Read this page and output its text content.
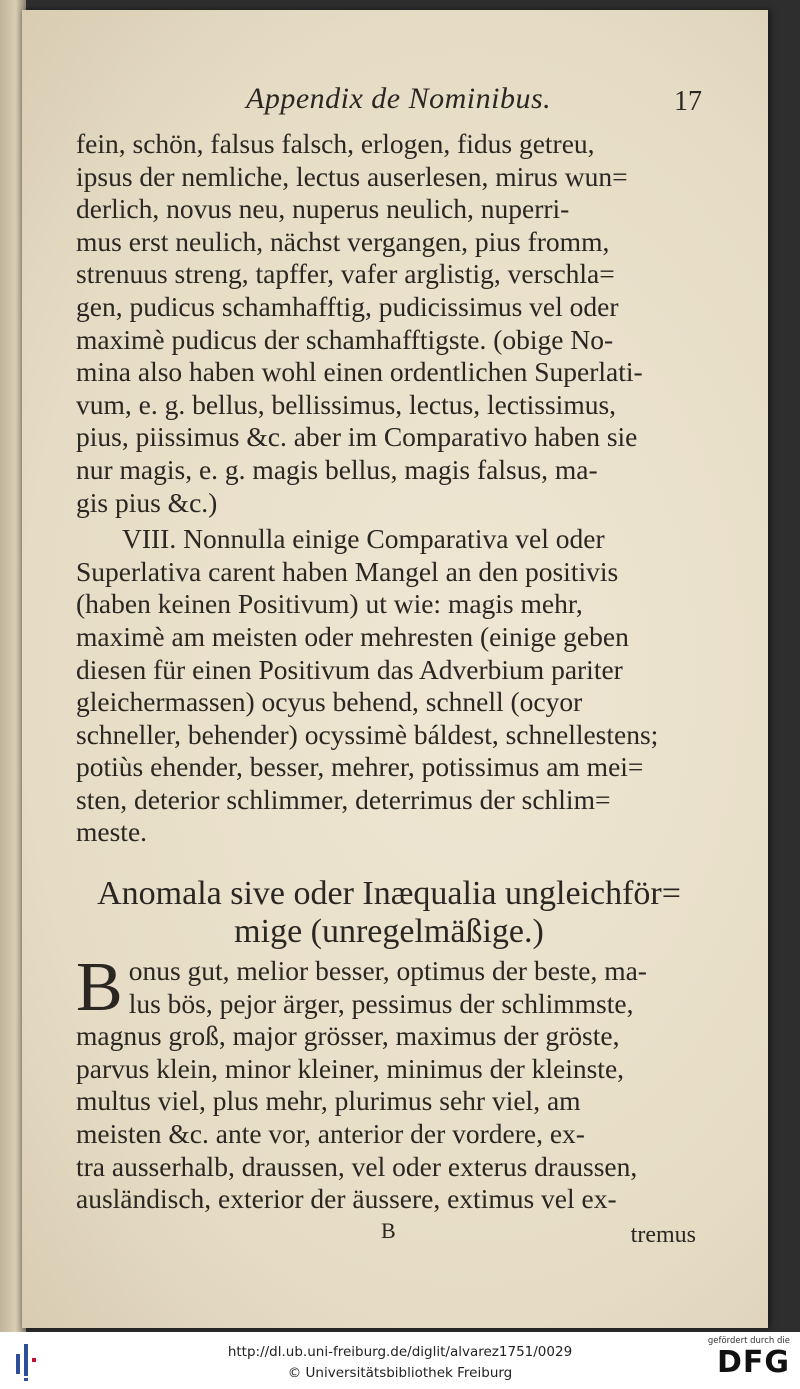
Appendix de Nominibus.	17

fein, schön, falsus falsch, erlogen, fidus getreu,

ipsus der nemliche, lectus auserlesen, mirus wun=

derlich, novus neu, nuperus neulich, nuperri-

mus erst neulich, nächst vergangen, pius fromm,

strenuus streng, tapffer, vafer arglistig, verschla=

gen, pudicus schamhafftig, pudicissimus vel oder

maximè pudicus der schamhafftigste. (obige No-

mina also haben wohl einen ordentlichen Superlati-

vum, e. g. bellus, bellissimus, lectus, lectissimus,

pius, piissimus &c. aber im Comparativo haben sie

nur magis, e. g. magis bellus, magis falsus, ma-

gis pius &c.)

VIII. Nonnulla einige Comparativa vel oder

Superlativa carent haben Mangel an den positivis

(haben keinen Positivum) ut wie: magis mehr,

maximè am meisten oder mehresten (einige geben

diesen für einen Positivum das Adverbium pariter

gleichermassen) ocyus behend, schnell (ocyor

schneller, behender) ocyssimè báldest, schnellestens;

potiùs ehender, besser, mehrer, potissimus am mei=

sten, deterior schlimmer, deterrimus der schlim=

meste.

Anomala sive oder Inæqualia ungleichför=
mige (unregelmäßige.)
B onus gut, melior besser, optimus der beste, ma-

lus bös, pejor ärger, pessimus der schlimmste,

magnus groß, major grösser, maximus der gröste,

parvus klein, minor kleiner, minimus der kleinste,

multus viel, plus mehr, plurimus sehr viel, am

meisten &c. ante vor, anterior der vordere, ex-

tra ausserhalb, draussen, vel oder exterus draussen,

ausländisch, exterior der äussere, extimus vel ex-

B	tremus
http://dl.ub.uni-freiburg.de/diglit/alvarez1751/0029
© Universitätsbibliothek Freiburg
gefördert durch die
DFG
